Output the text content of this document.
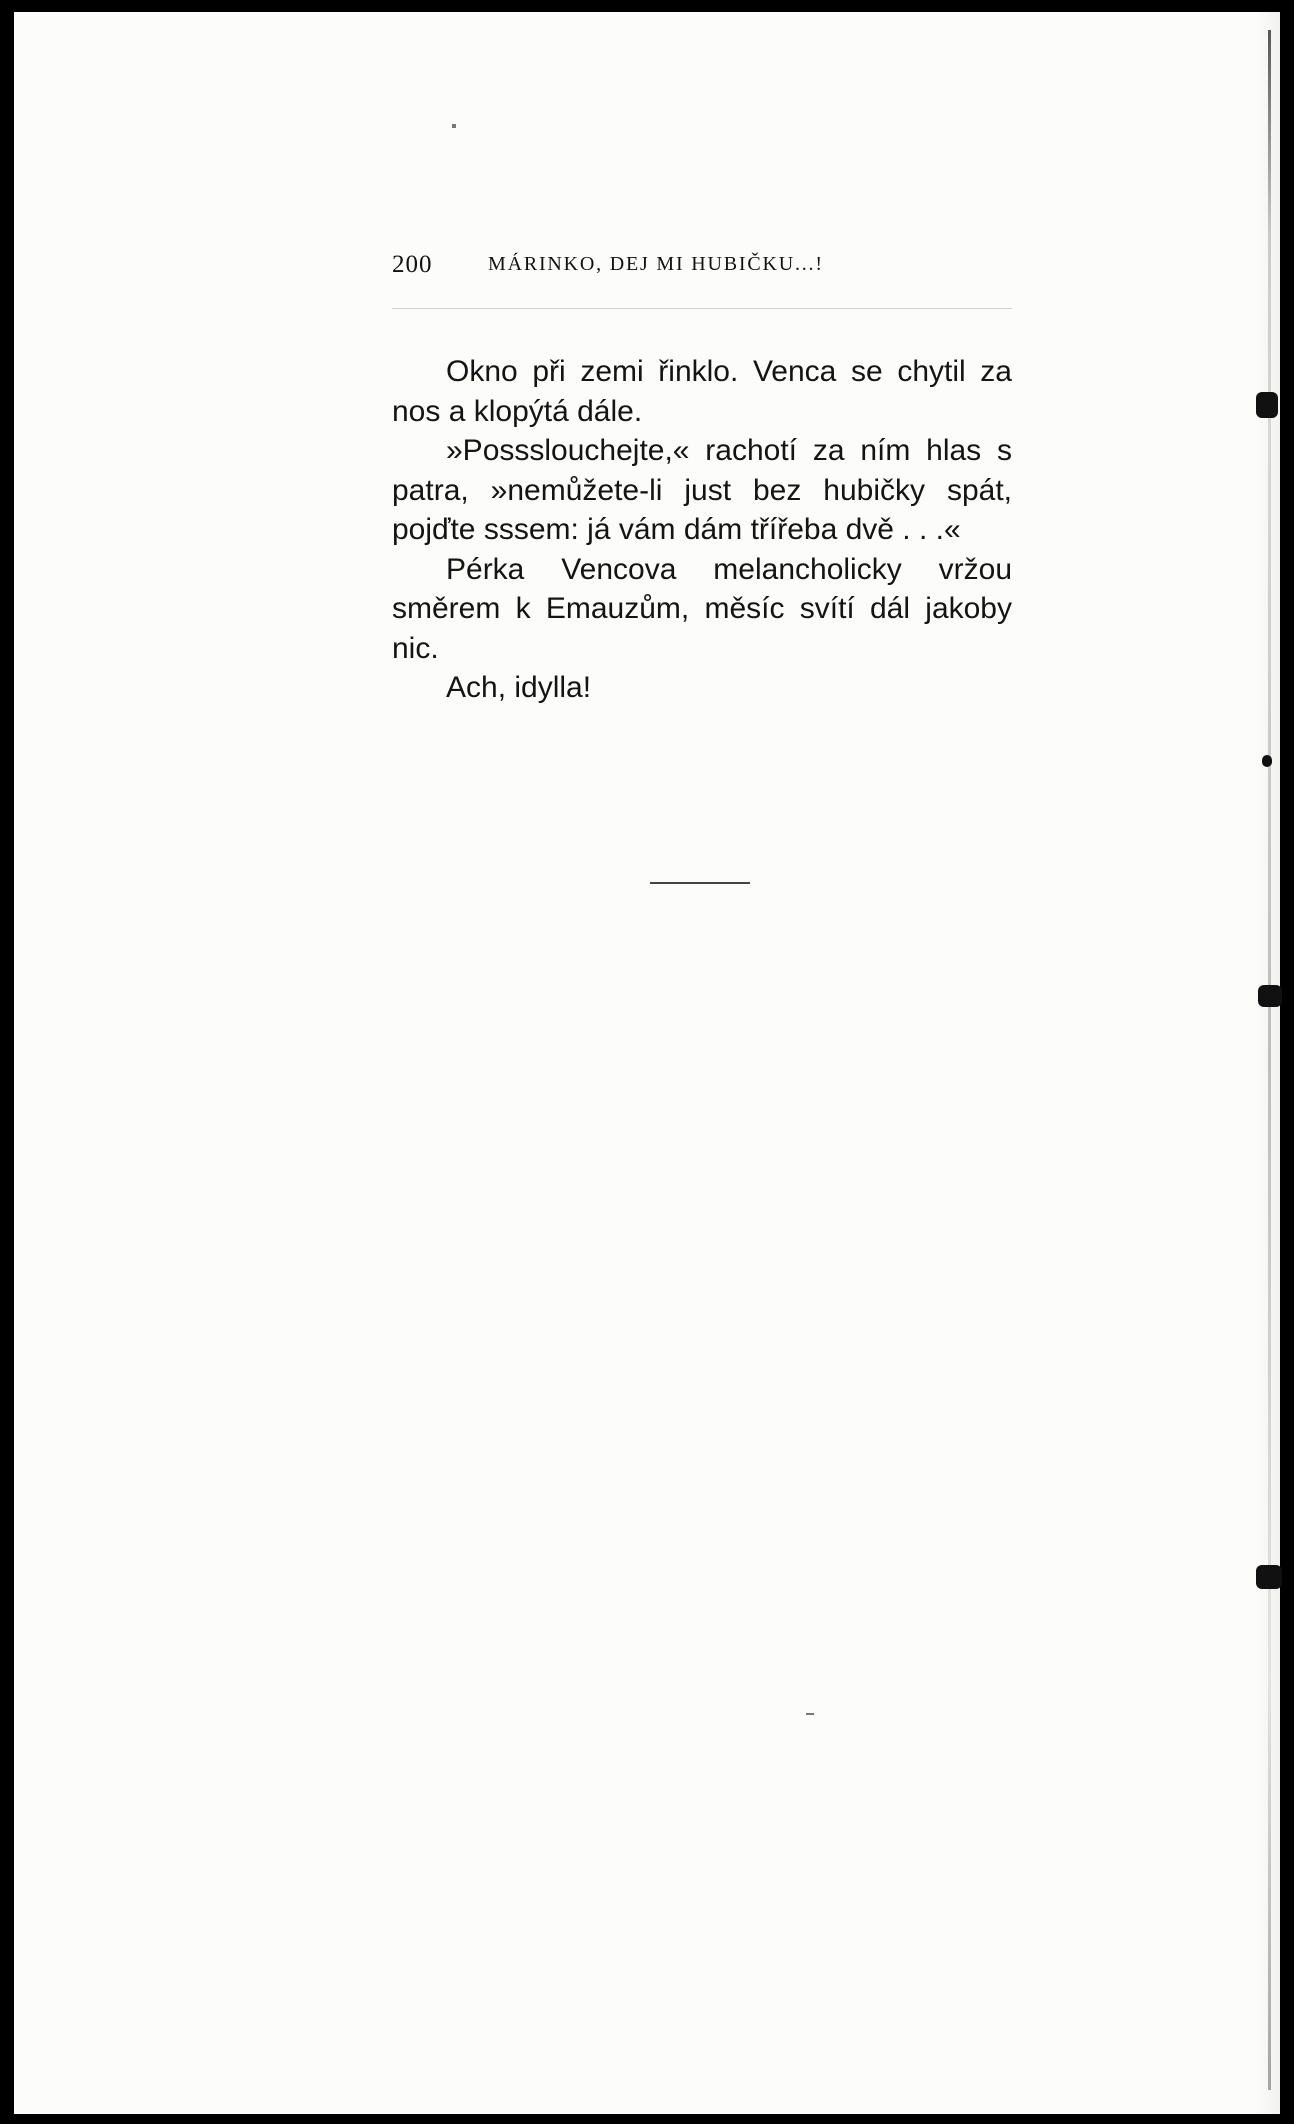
200	MÁRINKO, DEJ MI HUBIČKU...!

Okno při zemi řinklo. Venca se chytil za nos a klopýtá dále.

»Possslouchejte,« rachotí za ním hlas s patra, »nemůžete-li just bez hubičky spát, pojďte sssem: já vám dám třířeba dvě . . .«

Pérka Vencova melancholicky vržou směrem k Emauzům, měsíc svítí dál jakoby nic.

Ach, idylla!
